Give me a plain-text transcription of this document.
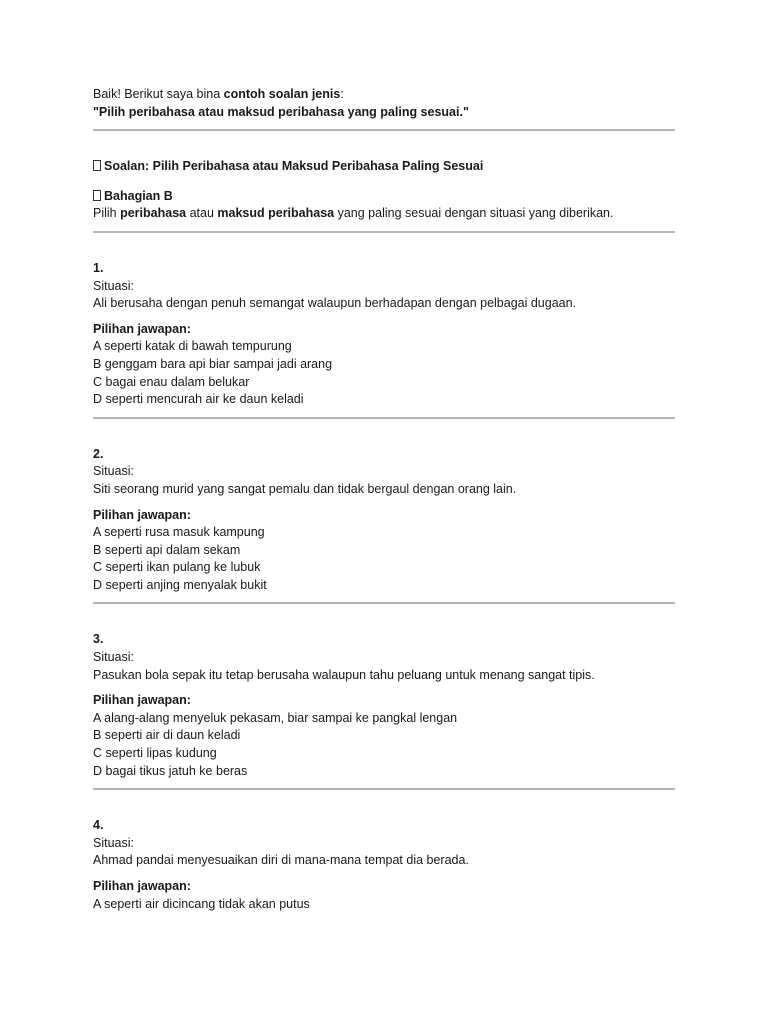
Baik! Berikut saya bina contoh soalan jenis:
"Pilih peribahasa atau maksud peribahasa yang paling sesuai."
Soalan: Pilih Peribahasa atau Maksud Peribahasa Paling Sesuai
Bahagian B
Pilih peribahasa atau maksud peribahasa yang paling sesuai dengan situasi yang diberikan.
1.
Situasi:
Ali berusaha dengan penuh semangat walaupun berhadapan dengan pelbagai dugaan.
Pilihan jawapan:
A seperti katak di bawah tempurung
B genggam bara api biar sampai jadi arang
C bagai enau dalam belukar
D seperti mencurah air ke daun keladi
2.
Situasi:
Siti seorang murid yang sangat pemalu dan tidak bergaul dengan orang lain.
Pilihan jawapan:
A seperti rusa masuk kampung
B seperti api dalam sekam
C seperti ikan pulang ke lubuk
D seperti anjing menyalak bukit
3.
Situasi:
Pasukan bola sepak itu tetap berusaha walaupun tahu peluang untuk menang sangat tipis.
Pilihan jawapan:
A alang-alang menyeluk pekasam, biar sampai ke pangkal lengan
B seperti air di daun keladi
C seperti lipas kudung
D bagai tikus jatuh ke beras
4.
Situasi:
Ahmad pandai menyesuaikan diri di mana-mana tempat dia berada.
Pilihan jawapan:
A seperti air dicincang tidak akan putus
